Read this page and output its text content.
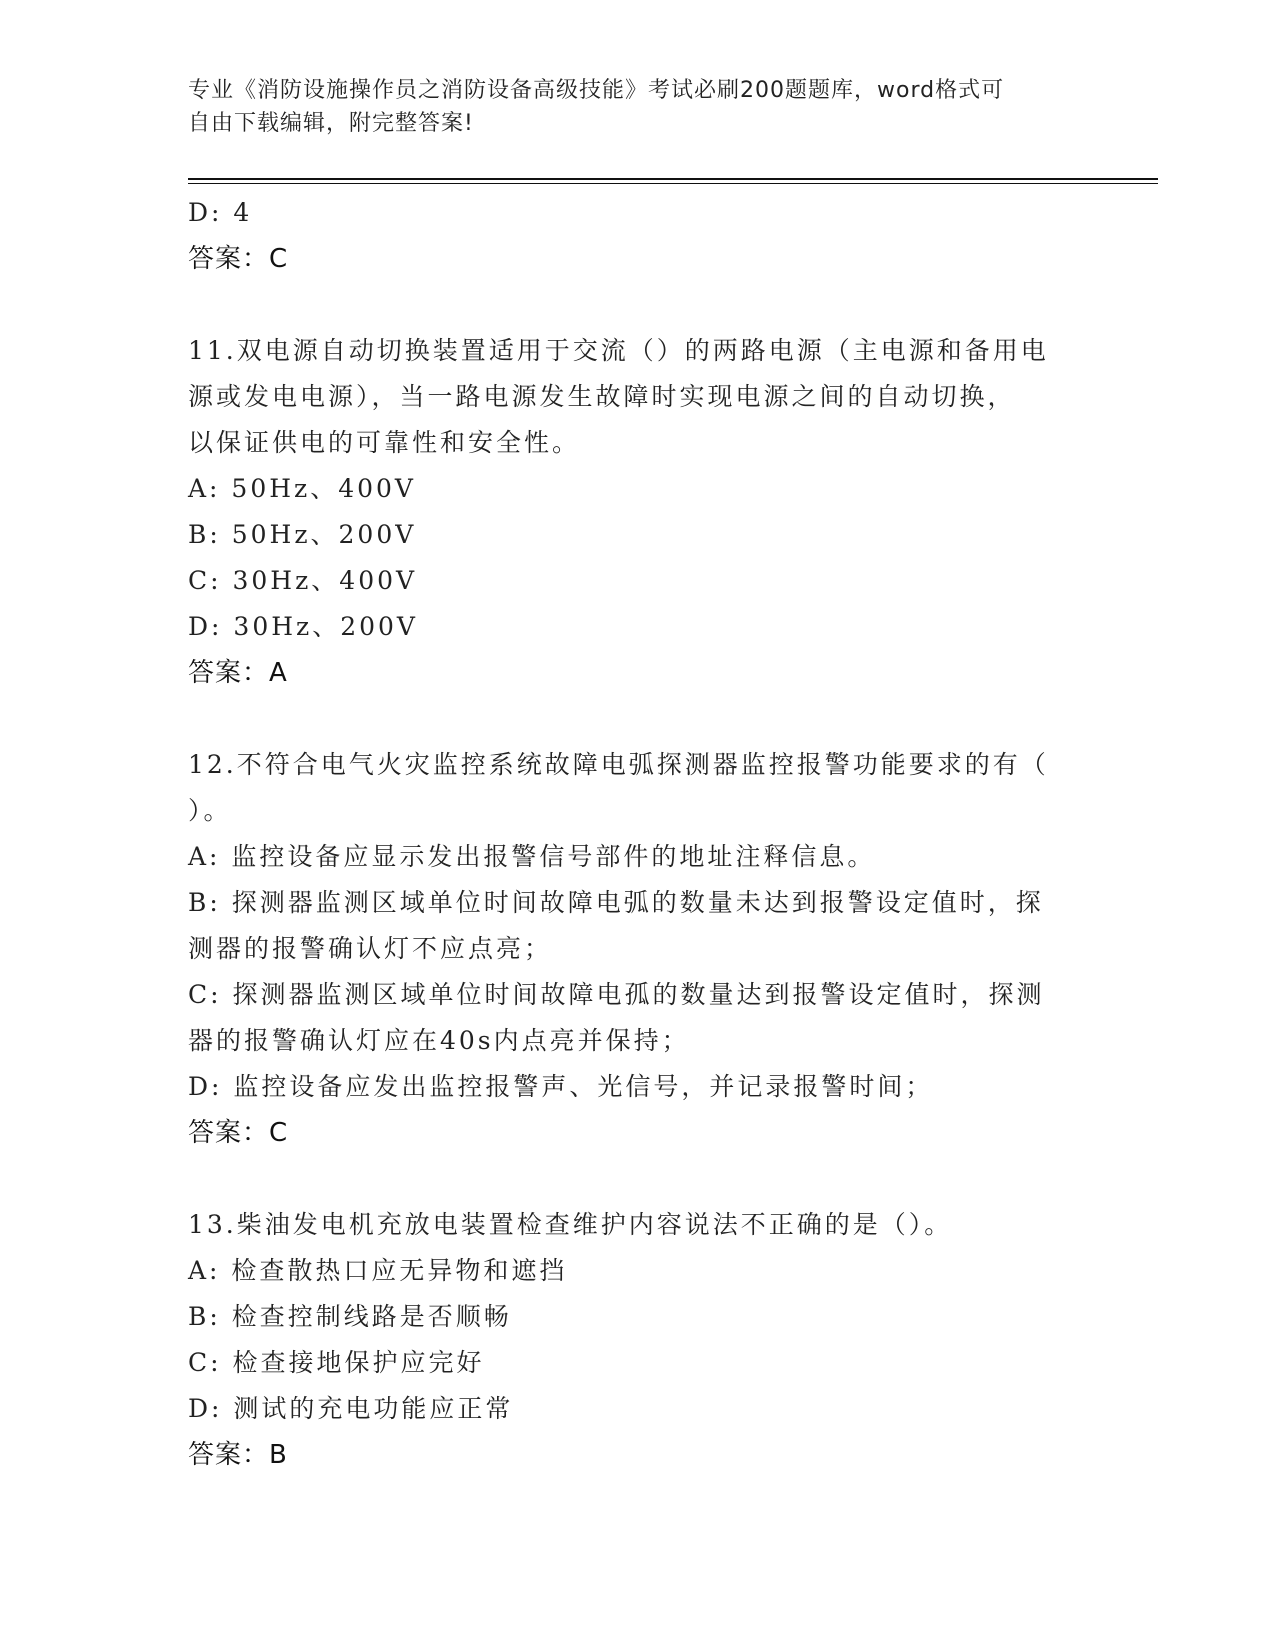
专业《消防设施操作员之消防设备高级技能》考试必刷200题题库，word格式可
自由下载编辑，附完整答案!
D: 4
答案：C
11.双电源自动切换装置适用于交流（）的两路电源（主电源和备用电
源或发电电源），当一路电源发生故障时实现电源之间的自动切换，
以保证供电的可靠性和安全性。
A: 50Hz、400V
B: 50Hz、200V
C: 30Hz、400V
D: 30Hz、200V
答案：A
12.不符合电气火灾监控系统故障电弧探测器监控报警功能要求的有（
）。
A: 监控设备应显示发出报警信号部件的地址注释信息。
B: 探测器监测区域单位时间故障电弧的数量未达到报警设定值时，探
测器的报警确认灯不应点亮；
C: 探测器监测区域单位时间故障电孤的数量达到报警设定值时，探测
器的报警确认灯应在40s内点亮并保持；
D: 监控设备应发出监控报警声、光信号，并记录报警时间；
答案：C
13.柴油发电机充放电装置检查维护内容说法不正确的是（）。
A: 检查散热口应无异物和遮挡
B: 检查控制线路是否顺畅
C: 检查接地保护应完好
D: 测试的充电功能应正常
答案：B
